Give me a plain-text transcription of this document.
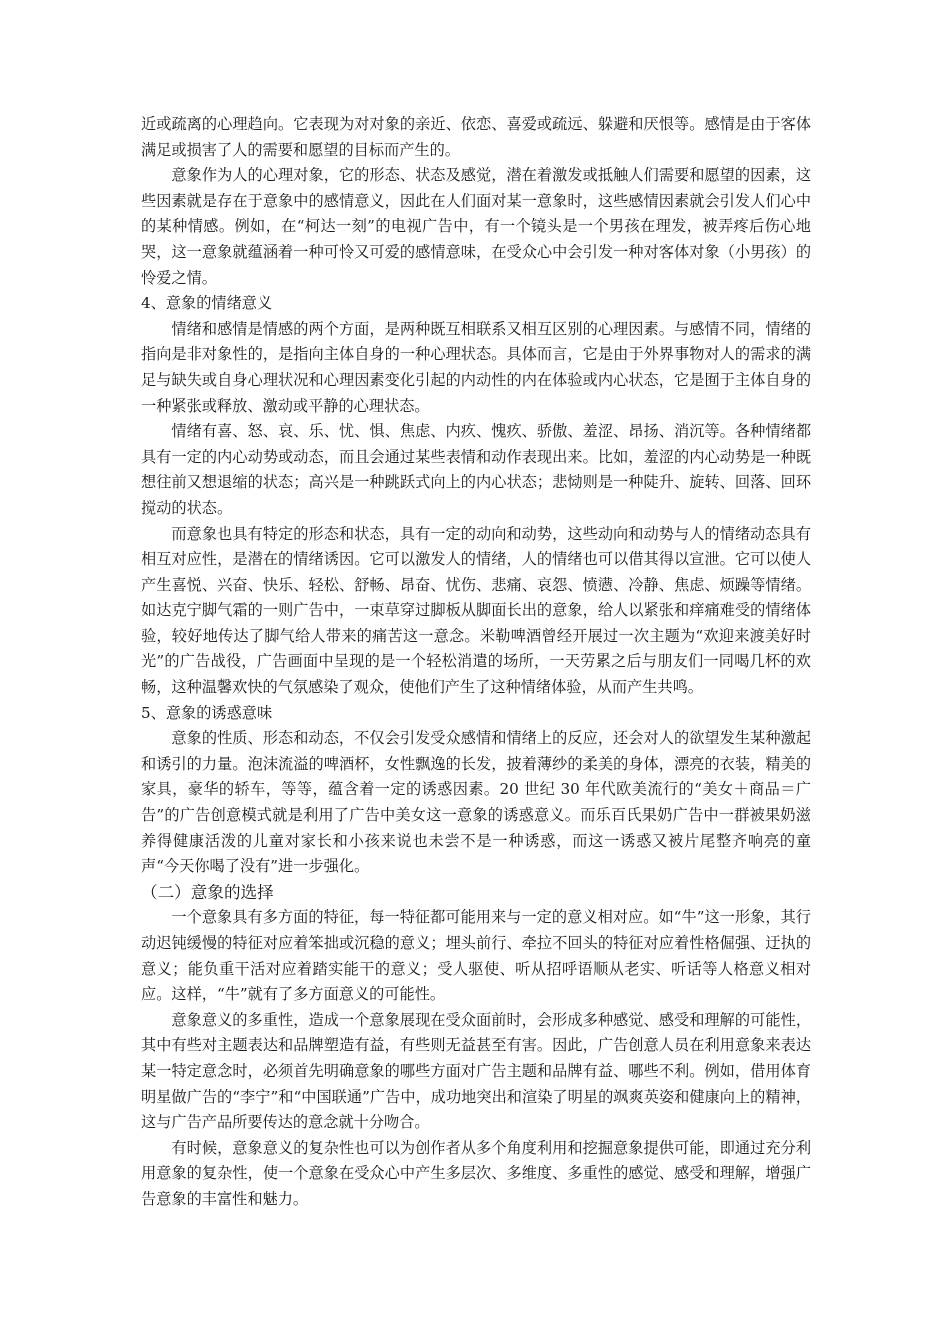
近或疏离的心理趋向。它表现为对对象的亲近、依恋、喜爱或疏远、躲避和厌恨等。感情是由于客体满足或损害了人的需要和愿望的目标而产生的。

意象作为人的心理对象，它的形态、状态及感觉，潜在着激发或抵触人们需要和愿望的因素，这些因素就是存在于意象中的感情意义，因此在人们面对某一意象时，这些感情因素就会引发人们心中的某种情感。例如，在“柯达一刻”的电视广告中，有一个镜头是一个男孩在理发，被弄疼后伤心地哭，这一意象就蕴涵着一种可怜又可爱的感情意味，在受众心中会引发一种对客体对象（小男孩）的怜爱之情。

4、意象的情绪意义

情绪和感情是情感的两个方面，是两种既互相联系又相互区别的心理因素。与感情不同，情绪的指向是非对象性的，是指向主体自身的一种心理状态。具体而言，它是由于外界事物对人的需求的满足与缺失或自身心理状况和心理因素变化引起的内动性的内在体验或内心状态，它是囿于主体自身的一种紧张或释放、激动或平静的心理状态。

情绪有喜、怒、哀、乐、忧、惧、焦虑、内疚、愧疚、骄傲、羞涩、昂扬、消沉等。各种情绪都具有一定的内心动势或动态，而且会通过某些表情和动作表现出来。比如，羞涩的内心动势是一种既想往前又想退缩的状态；高兴是一种跳跃式向上的内心状态；悲恸则是一种陡升、旋转、回落、回环搅动的状态。

而意象也具有特定的形态和状态，具有一定的动向和动势，这些动向和动势与人的情绪动态具有相互对应性，是潜在的情绪诱因。它可以激发人的情绪，人的情绪也可以借其得以宣泄。它可以使人产生喜悦、兴奋、快乐、轻松、舒畅、昂奋、忧伤、悲痛、哀怨、愤懑、冷静、焦虑、烦躁等情绪。如达克宁脚气霜的一则广告中，一束草穿过脚板从脚面长出的意象，给人以紧张和痒痛难受的情绪体验，较好地传达了脚气给人带来的痛苦这一意念。米勒啤酒曾经开展过一次主题为“欢迎来渡美好时光”的广告战役，广告画面中呈现的是一个轻松消遣的场所，一天劳累之后与朋友们一同喝几杯的欢畅，这种温馨欢快的气氛感染了观众，使他们产生了这种情绪体验，从而产生共鸣。

5、意象的诱惑意味

意象的性质、形态和动态，不仅会引发受众感情和情绪上的反应，还会对人的欲望发生某种激起和诱引的力量。泡沫流溢的啤酒杯，女性飘逸的长发，披着薄纱的柔美的身体，漂亮的衣装，精美的家具，豪华的轿车，等等，蕴含着一定的诱惑因素。20 世纪 30 年代欧美流行的“美女＋商品＝广告”的广告创意模式就是利用了广告中美女这一意象的诱惑意义。而乐百氏果奶广告中一群被果奶滋养得健康活泼的儿童对家长和小孩来说也未尝不是一种诱惑，而这一诱惑又被片尾整齐响亮的童声“今天你喝了没有”进一步强化。

（二）意象的选择

一个意象具有多方面的特征，每一特征都可能用来与一定的意义相对应。如“牛”这一形象，其行动迟钝缓慢的特征对应着笨拙或沉稳的意义；埋头前行、牵拉不回头的特征对应着性格倔强、迂执的意义；能负重干活对应着踏实能干的意义；受人驱使、听从招呼语顺从老实、听话等人格意义相对应。这样，“牛”就有了多方面意义的可能性。

意象意义的多重性，造成一个意象展现在受众面前时，会形成多种感觉、感受和理解的可能性，其中有些对主题表达和品牌塑造有益，有些则无益甚至有害。因此，广告创意人员在利用意象来表达某一特定意念时，必须首先明确意象的哪些方面对广告主题和品牌有益、哪些不利。例如，借用体育明星做广告的“李宁”和“中国联通”广告中，成功地突出和渲染了明星的飒爽英姿和健康向上的精神，这与广告产品所要传达的意念就十分吻合。

有时候，意象意义的复杂性也可以为创作者从多个角度利用和挖掘意象提供可能，即通过充分利用意象的复杂性，使一个意象在受众心中产生多层次、多维度、多重性的感觉、感受和理解，增强广告意象的丰富性和魅力。
